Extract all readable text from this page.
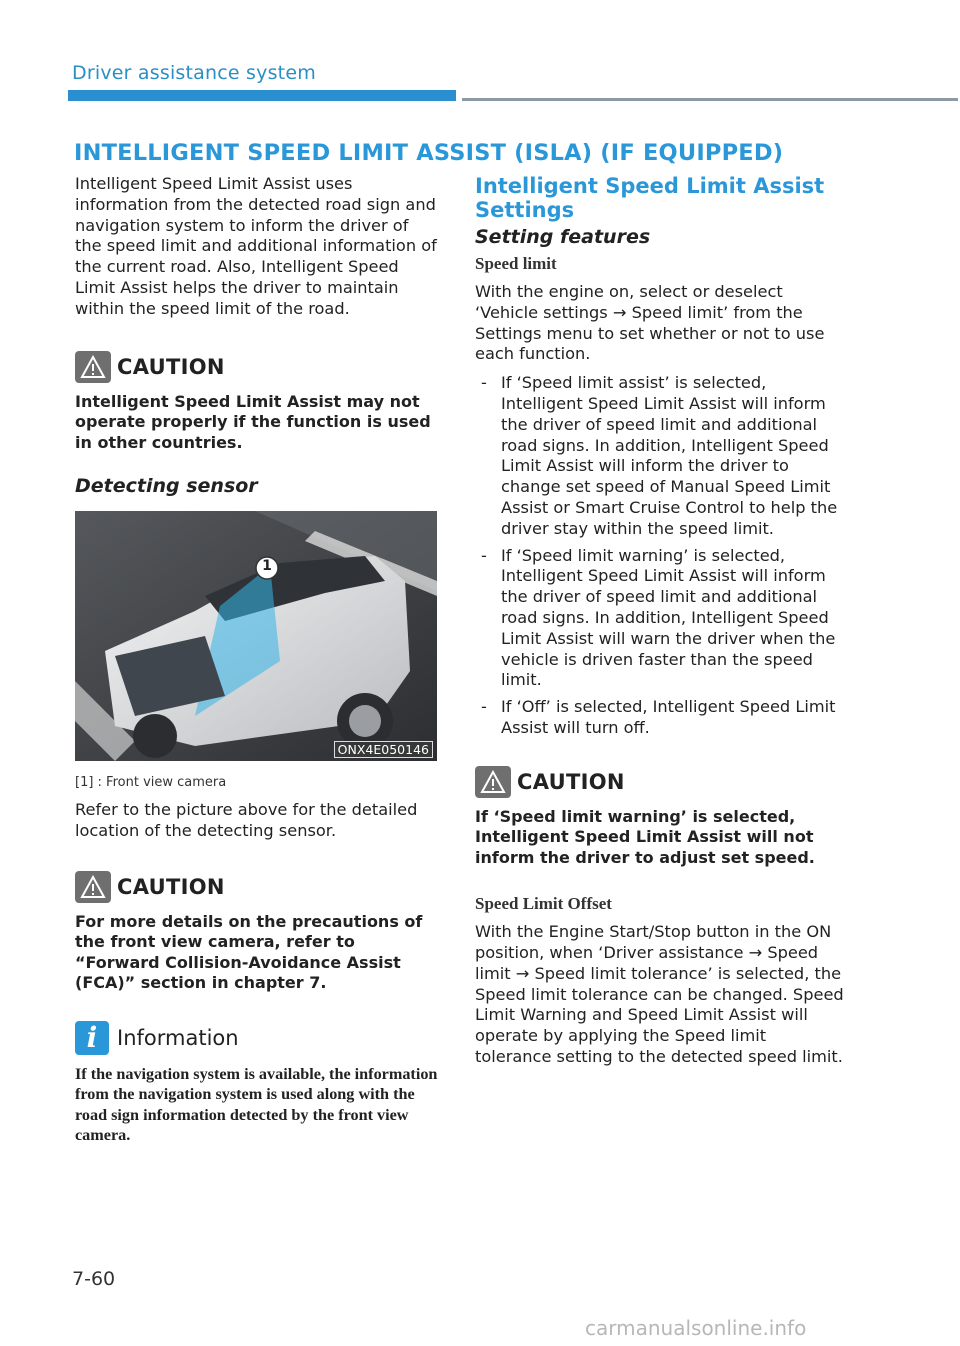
Driver assistance system
INTELLIGENT SPEED LIMIT ASSIST (ISLA) (IF EQUIPPED)

Intelligent Speed Limit Assist uses information from the detected road sign and navigation system to inform the driver of the speed limit and additional information of the current road. Also, Intelligent Speed Limit Assist helps the driver to maintain within the speed limit of the road.

CAUTION

Intelligent Speed Limit Assist may not operate properly if the function is used in other countries.

Detecting sensor
1
ONX4E050146
[1] : Front view camera

Refer to the picture above for the detailed location of the detecting sensor.

CAUTION

For more details on the precautions of the front view camera, refer to “Forward Collision-Avoidance Assist (FCA)” section in chapter 7.

i Information

If the navigation system is available, the information from the navigation system is used along with the road sign information detected by the front view camera.

Intelligent Speed Limit Assist Settings
Setting features
Speed limit

With the engine on, select or deselect ‘Vehicle settings → Speed limit’ from the Settings menu to set whether or not to use each function.

- If ‘Speed limit assist’ is selected, Intelligent Speed Limit Assist will inform the driver of speed limit and additional road signs. In addition, Intelligent Speed Limit Assist will inform the driver to change set speed of Manual Speed Limit Assist or Smart Cruise Control to help the driver stay within the speed limit.
- If ‘Speed limit warning’ is selected, Intelligent Speed Limit Assist will inform the driver of speed limit and additional road signs. In addition, Intelligent Speed Limit Assist will warn the driver when the vehicle is driven faster than the speed limit.
- If ‘Off’ is selected, Intelligent Speed Limit Assist will turn off.
CAUTION

If ‘Speed limit warning’ is selected, Intelligent Speed Limit Assist will not inform the driver to adjust set speed.

Speed Limit Offset

With the Engine Start/Stop button in the ON position, when ‘Driver assistance → Speed limit → Speed limit tolerance’ is selected, the Speed limit tolerance can be changed. Speed Limit Warning and Speed Limit Assist will operate by applying the Speed limit tolerance setting to the detected speed limit.

7-60
carmanualsonline.info
